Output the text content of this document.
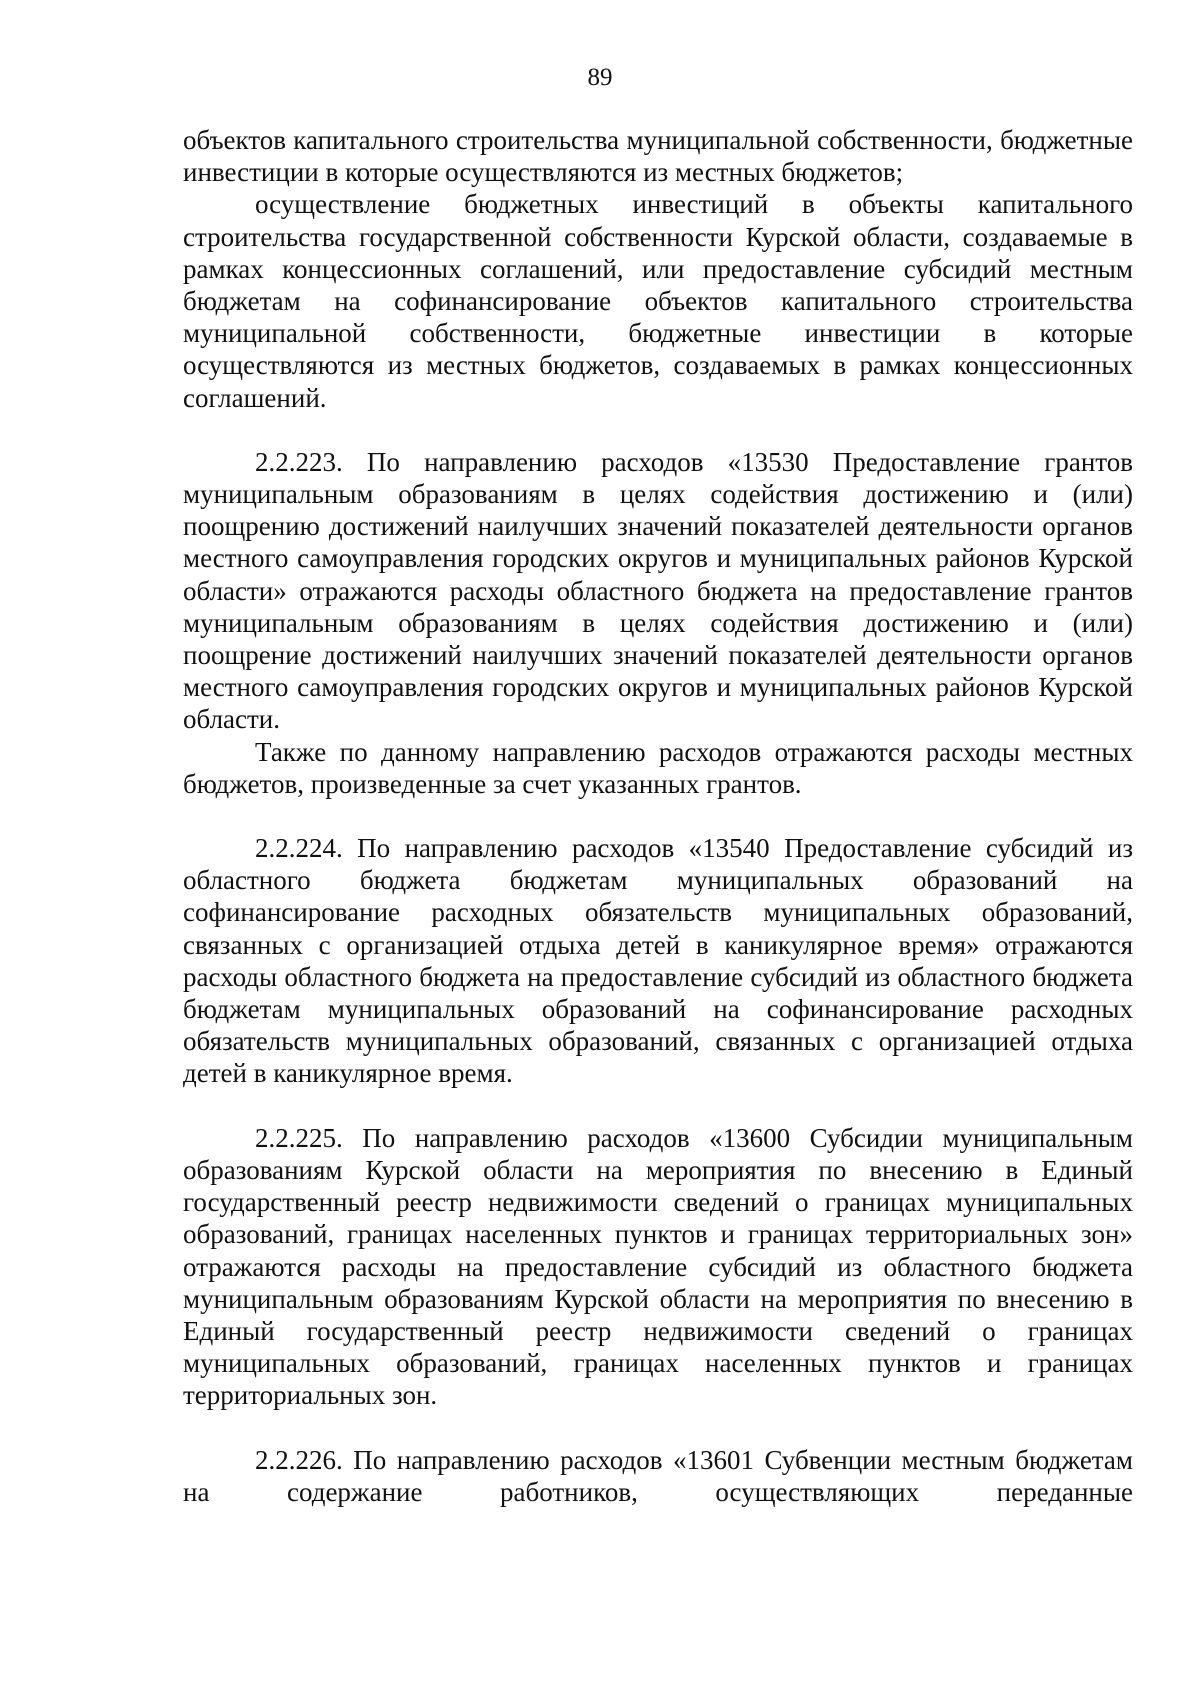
89

объектов капитального строительства муниципальной собственности, бюджетные инвестиции в которые осуществляются из местных бюджетов;

осуществление бюджетных инвестиций в объекты капитального строительства государственной собственности Курской области, создаваемые в рамках концессионных соглашений, или предоставление субсидий местным бюджетам на софинансирование объектов капитального строительства муниципальной собственности, бюджетные инвестиции в которые осуществляются из местных бюджетов, создаваемых в рамках концессионных соглашений.

2.2.223. По направлению расходов «13530 Предоставление грантов муниципальным образованиям в целях содействия достижению и (или) поощрению достижений наилучших значений показателей деятельности органов местного самоуправления городских округов и муниципальных районов Курской области» отражаются расходы областного бюджета на предоставление грантов муниципальным образованиям в целях содействия достижению и (или) поощрение достижений наилучших значений показателей деятельности органов местного самоуправления городских округов и муниципальных районов Курской области.

Также по данному направлению расходов отражаются расходы местных бюджетов, произведенные за счет указанных грантов.

2.2.224. По направлению расходов «13540 Предоставление субсидий из областного бюджета бюджетам муниципальных образований на софинансирование расходных обязательств муниципальных образований, связанных с организацией отдыха детей в каникулярное время» отражаются расходы областного бюджета на предоставление субсидий из областного бюджета бюджетам муниципальных образований на софинансирование расходных обязательств муниципальных образований, связанных с организацией отдыха детей в каникулярное время.

2.2.225. По направлению расходов «13600 Субсидии муниципальным образованиям Курской области на мероприятия по внесению в Единый государственный реестр недвижимости сведений о границах муниципальных образований, границах населенных пунктов и границах территориальных зон» отражаются расходы на предоставление субсидий из областного бюджета муниципальным образованиям Курской области на мероприятия по внесению в Единый государственный реестр недвижимости сведений о границах муниципальных образований, границах населенных пунктов и границах территориальных зон.

2.2.226. По направлению расходов «13601 Субвенции местным бюджетам на содержание работников, осуществляющих переданные
